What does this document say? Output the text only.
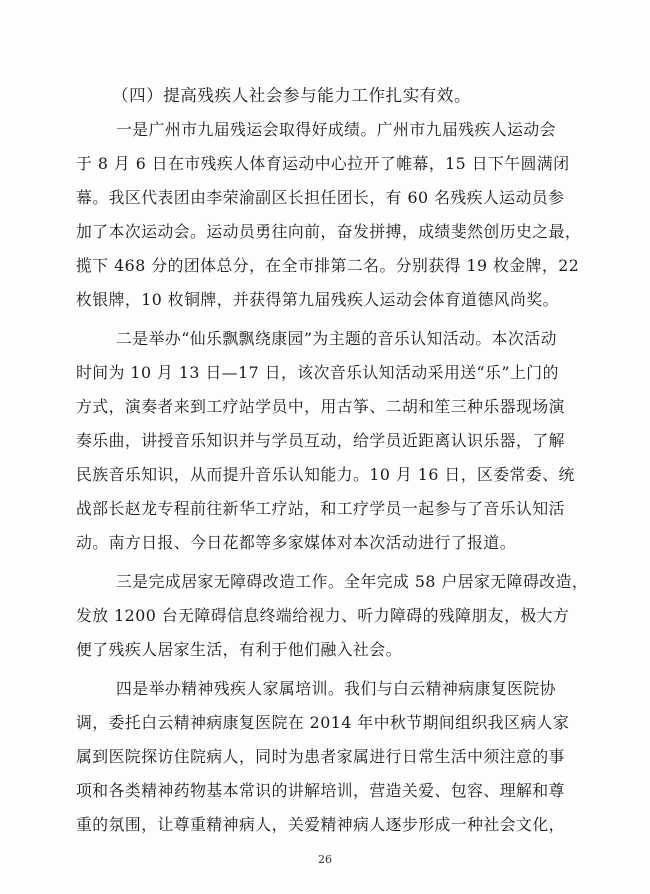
（四）提高残疾人社会参与能力工作扎实有效。
一是广州市九届残运会取得好成绩。广州市九届残疾人运动会
于 8 月 6 日在市残疾人体育运动中心拉开了帷幕，15 日下午圆满闭
幕。我区代表团由李荣渝副区长担任团长，有 60 名残疾人运动员参
加了本次运动会。运动员勇往向前，奋发拼搏，成绩斐然创历史之最，
揽下 468 分的团体总分，在全市排第二名。分别获得 19 枚金牌，22
枚银牌，10 枚铜牌，并获得第九届残疾人运动会体育道德风尚奖。
二是举办“仙乐飘飘绕康园”为主题的音乐认知活动。本次活动
时间为 10 月 13 日—17 日，该次音乐认知活动采用送“乐”上门的
方式，演奏者来到工疗站学员中，用古筝、二胡和笙三种乐器现场演
奏乐曲，讲授音乐知识并与学员互动，给学员近距离认识乐器，了解
民族音乐知识，从而提升音乐认知能力。10 月 16 日，区委常委、统
战部长赵龙专程前往新华工疗站，和工疗学员一起参与了音乐认知活
动。南方日报、今日花都等多家媒体对本次活动进行了报道。
三是完成居家无障碍改造工作。全年完成 58 户居家无障碍改造，
发放 1200 台无障碍信息终端给视力、听力障碍的残障朋友，极大方
便了残疾人居家生活，有利于他们融入社会。
四是举办精神残疾人家属培训。我们与白云精神病康复医院协
调，委托白云精神病康复医院在 2014 年中秋节期间组织我区病人家
属到医院探访住院病人，同时为患者家属进行日常生活中须注意的事
项和各类精神药物基本常识的讲解培训，营造关爱、包容、理解和尊
26
重的氛围，让尊重精神病人，关爱精神病人逐步形成一种社会文化，
